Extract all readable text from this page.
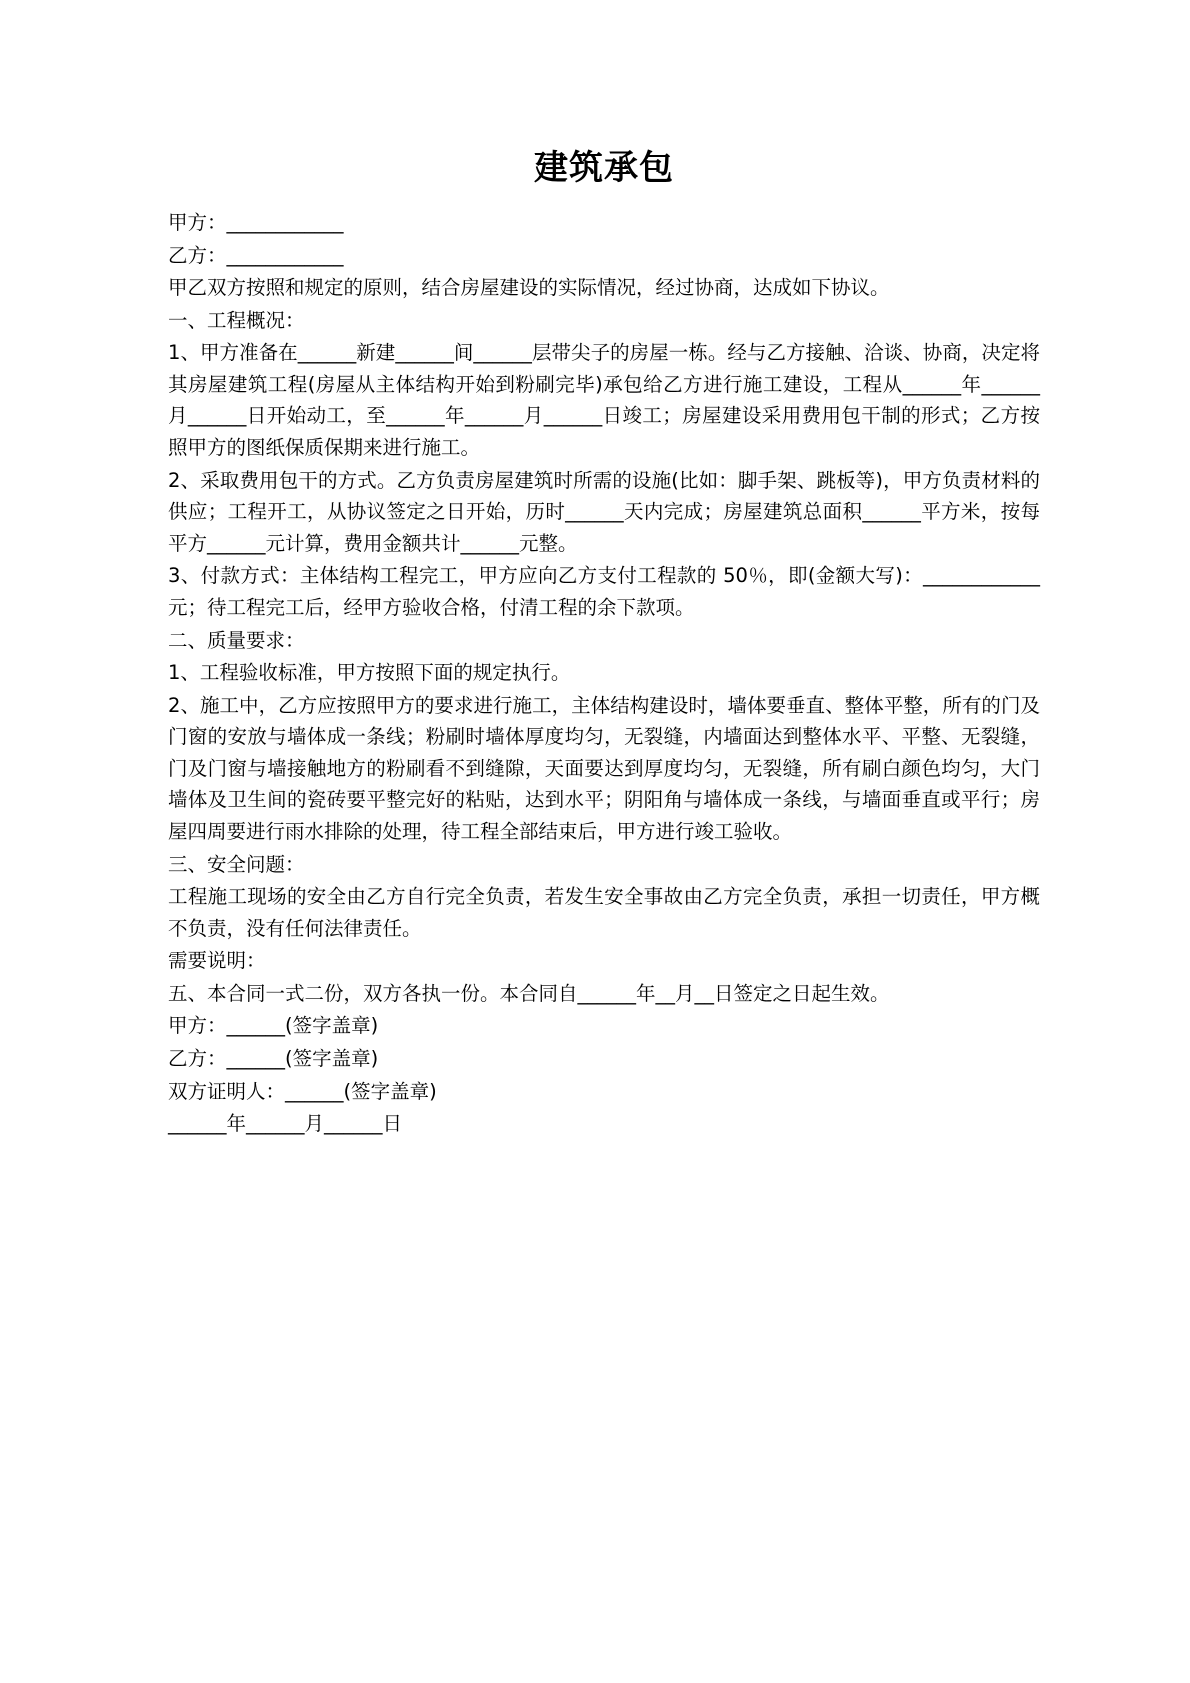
建筑承包

甲方：____________

乙方：____________

甲乙双方按照和规定的原则，结合房屋建设的实际情况，经过协商，达成如下协议。

一、工程概况：

1、甲方准备在______新建______间______层带尖子的房屋一栋。经与乙方接触、洽谈、协商，决定将其房屋建筑工程(房屋从主体结构开始到粉刷完毕)承包给乙方进行施工建设，工程从______年______月______日开始动工，至______年______月______日竣工；房屋建设采用费用包干制的形式；乙方按照甲方的图纸保质保期来进行施工。

2、采取费用包干的方式。乙方负责房屋建筑时所需的设施(比如：脚手架、跳板等)，甲方负责材料的供应；工程开工，从协议签定之日开始，历时______天内完成；房屋建筑总面积______平方米，按每平方______元计算，费用金额共计______元整。

3、付款方式：主体结构工程完工，甲方应向乙方支付工程款的 50％，即(金额大写)：____________元；待工程完工后，经甲方验收合格，付清工程的余下款项。

二、质量要求：

1、工程验收标准，甲方按照下面的规定执行。

2、施工中，乙方应按照甲方的要求进行施工，主体结构建设时，墙体要垂直、整体平整，所有的门及门窗的安放与墙体成一条线；粉刷时墙体厚度均匀，无裂缝，内墙面达到整体水平、平整、无裂缝，门及门窗与墙接触地方的粉刷看不到缝隙，天面要达到厚度均匀，无裂缝，所有刷白颜色均匀，大门墙体及卫生间的瓷砖要平整完好的粘贴，达到水平；阴阳角与墙体成一条线，与墙面垂直或平行；房屋四周要进行雨水排除的处理，待工程全部结束后，甲方进行竣工验收。

三、安全问题：

工程施工现场的安全由乙方自行完全负责，若发生安全事故由乙方完全负责，承担一切责任，甲方概不负责，没有任何法律责任。

需要说明：

五、本合同一式二份，双方各执一份。本合同自______年__月__日签定之日起生效。

甲方：______(签字盖章)

乙方：______(签字盖章)

双方证明人：______(签字盖章)

______年______月______日
